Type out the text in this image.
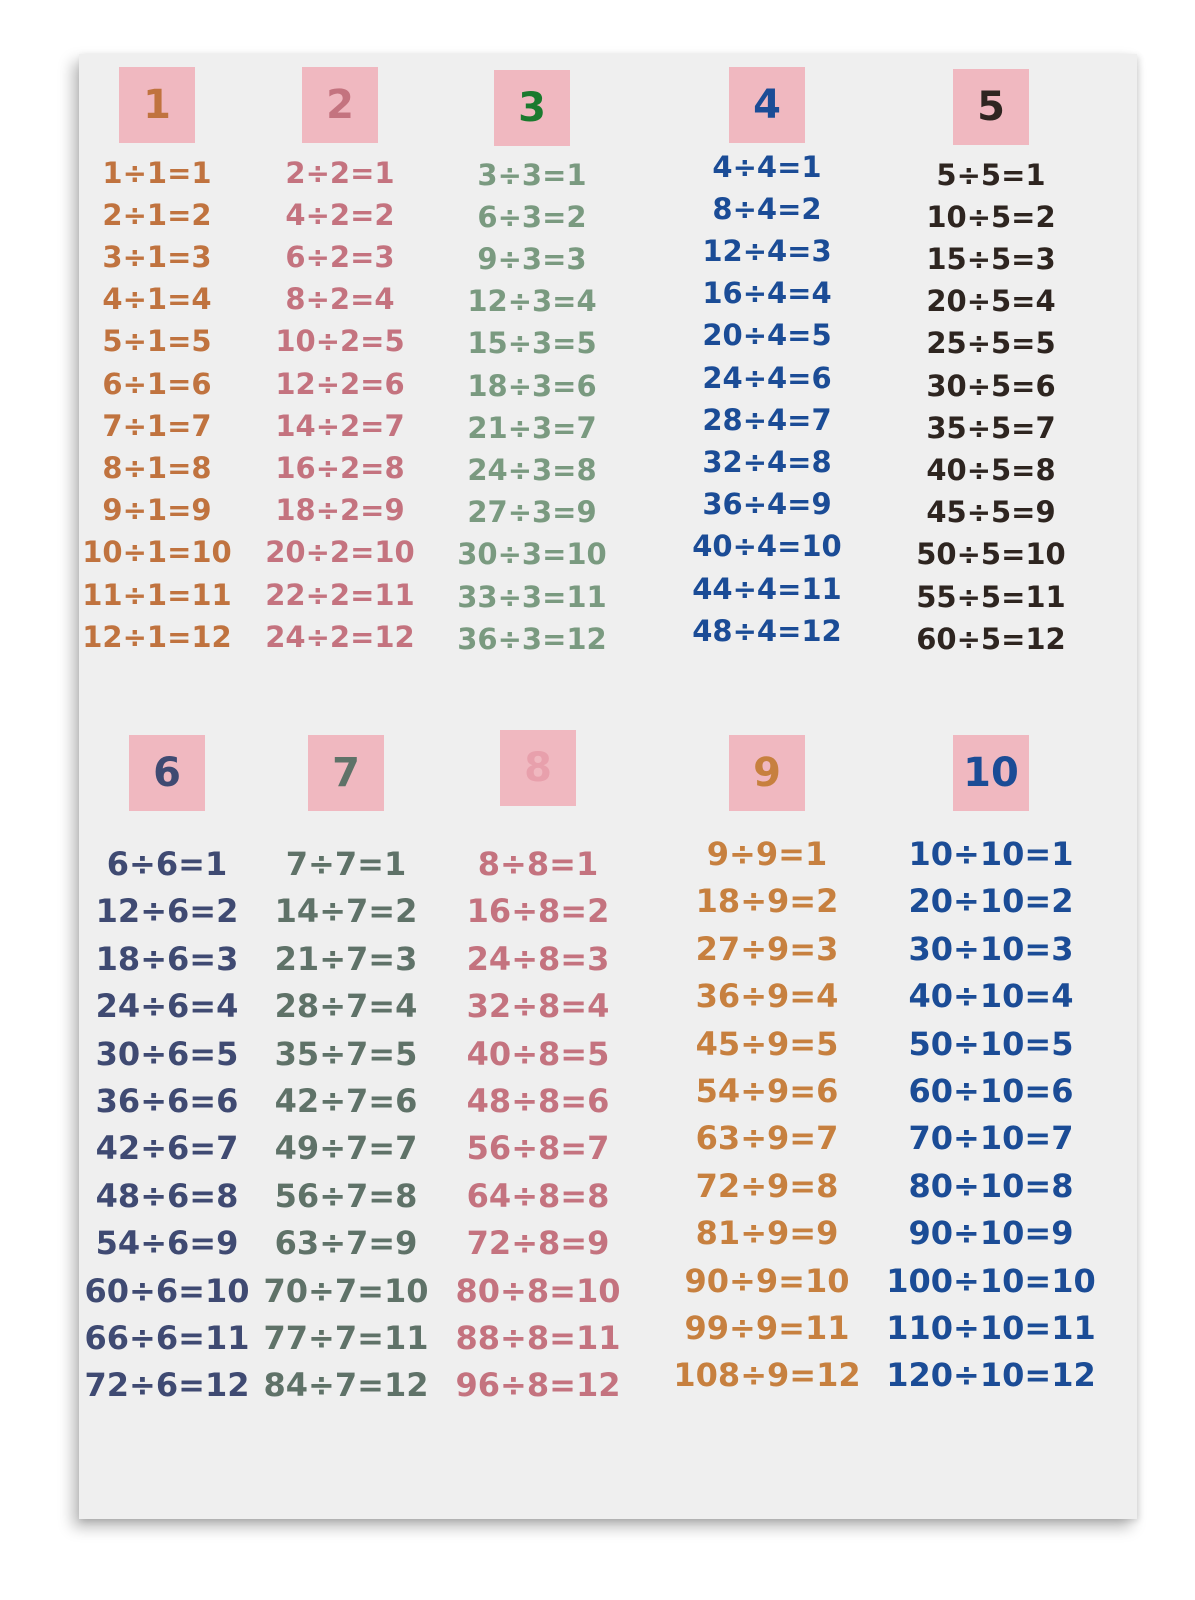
1
1÷1=1
2÷1=2
3÷1=3
4÷1=4
5÷1=5
6÷1=6
7÷1=7
8÷1=8
9÷1=9
10÷1=10
11÷1=11
12÷1=12
2
2÷2=1
4÷2=2
6÷2=3
8÷2=4
10÷2=5
12÷2=6
14÷2=7
16÷2=8
18÷2=9
20÷2=10
22÷2=11
24÷2=12
3
3÷3=1
6÷3=2
9÷3=3
12÷3=4
15÷3=5
18÷3=6
21÷3=7
24÷3=8
27÷3=9
30÷3=10
33÷3=11
36÷3=12
4
4÷4=1
8÷4=2
12÷4=3
16÷4=4
20÷4=5
24÷4=6
28÷4=7
32÷4=8
36÷4=9
40÷4=10
44÷4=11
48÷4=12
5
5÷5=1
10÷5=2
15÷5=3
20÷5=4
25÷5=5
30÷5=6
35÷5=7
40÷5=8
45÷5=9
50÷5=10
55÷5=11
60÷5=12
6
6÷6=1
12÷6=2
18÷6=3
24÷6=4
30÷6=5
36÷6=6
42÷6=7
48÷6=8
54÷6=9
60÷6=10
66÷6=11
72÷6=12
7
7÷7=1
14÷7=2
21÷7=3
28÷7=4
35÷7=5
42÷7=6
49÷7=7
56÷7=8
63÷7=9
70÷7=10
77÷7=11
84÷7=12
8
8÷8=1
16÷8=2
24÷8=3
32÷8=4
40÷8=5
48÷8=6
56÷8=7
64÷8=8
72÷8=9
80÷8=10
88÷8=11
96÷8=12
9
9÷9=1
18÷9=2
27÷9=3
36÷9=4
45÷9=5
54÷9=6
63÷9=7
72÷9=8
81÷9=9
90÷9=10
99÷9=11
108÷9=12
10
10÷10=1
20÷10=2
30÷10=3
40÷10=4
50÷10=5
60÷10=6
70÷10=7
80÷10=8
90÷10=9
100÷10=10
110÷10=11
120÷10=12
